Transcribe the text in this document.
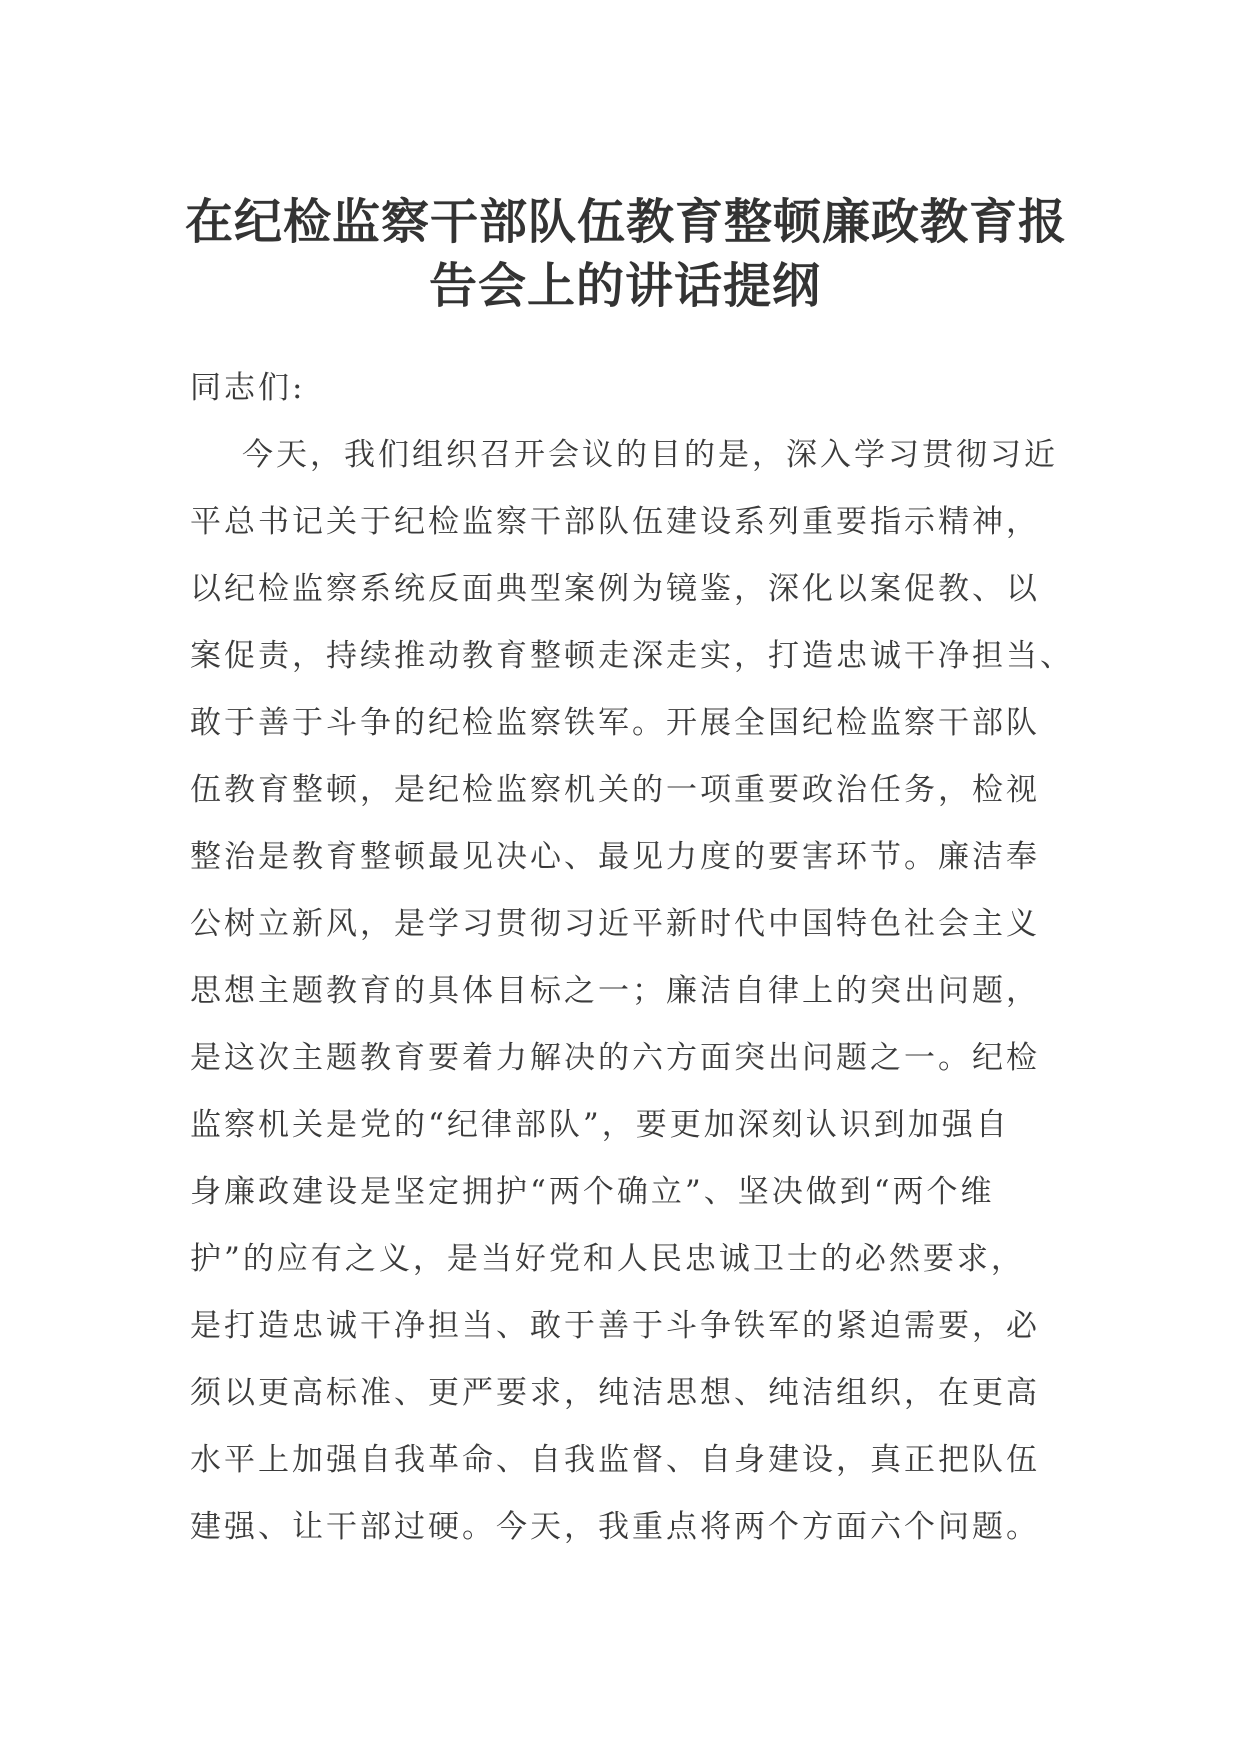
在纪检监察干部队伍教育整顿廉政教育报
告会上的讲话提纲
同志们:
今天，我们组织召开会议的目的是，深入学习贯彻习近
平总书记关于纪检监察干部队伍建设系列重要指示精神，
以纪检监察系统反面典型案例为镜鉴，深化以案促教、以
案促责，持续推动教育整顿走深走实，打造忠诚干净担当、
敢于善于斗争的纪检监察铁军。开展全国纪检监察干部队
伍教育整顿，是纪检监察机关的一项重要政治任务，检视
整治是教育整顿最见决心、最见力度的要害环节。廉洁奉
公树立新风，是学习贯彻习近平新时代中国特色社会主义
思想主题教育的具体目标之一；廉洁自律上的突出问题，
是这次主题教育要着力解决的六方面突出问题之一。纪检
监察机关是党的“纪律部队”，要更加深刻认识到加强自
身廉政建设是坚定拥护“两个确立”、坚决做到“两个维
护”的应有之义，是当好党和人民忠诚卫士的必然要求，
是打造忠诚干净担当、敢于善于斗争铁军的紧迫需要，必
须以更高标准、更严要求，纯洁思想、纯洁组织，在更高
水平上加强自我革命、自我监督、自身建设，真正把队伍
建强、让干部过硬。今天，我重点将两个方面六个问题。
